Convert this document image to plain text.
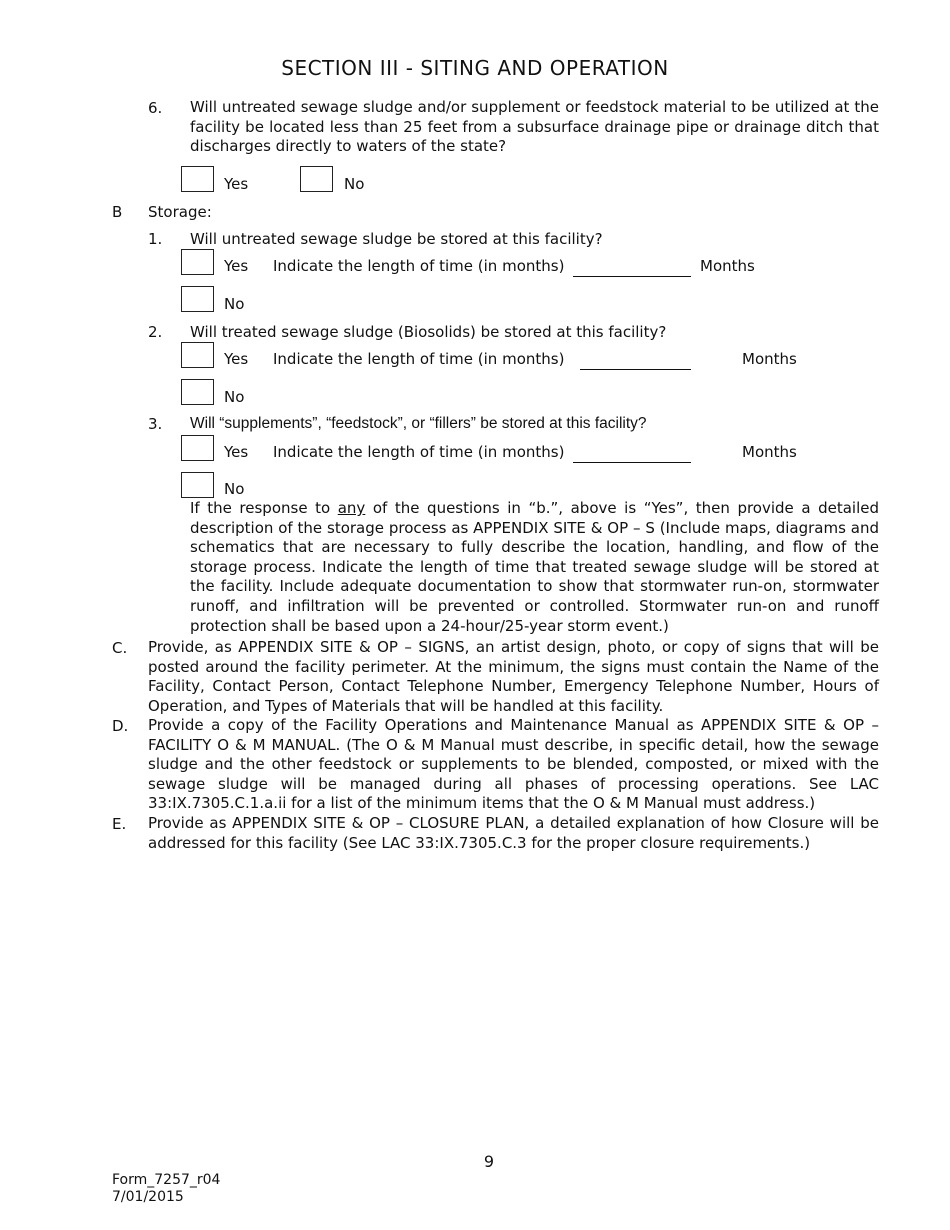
SECTION III - SITING AND OPERATION
6. Will untreated sewage sludge and/or supplement or feedstock material to be utilized at the facility be located less than 25 feet from a subsurface drainage pipe or drainage ditch that discharges directly to waters of the state?
Yes	No
B Storage:
1. Will untreated sewage sludge be stored at this facility?
Yes Indicate the length of time (in months)	Months
No
2. Will treated sewage sludge (Biosolids) be stored at this facility?
Yes Indicate the length of time (in months)	Months
No
3. Will “supplements”, “feedstock”, or “fillers” be stored at this facility?
Yes Indicate the length of time (in months)	Months
No
If the response to any of the questions in “b.”, above is “Yes”, then provide a detailed description of the storage process as APPENDIX SITE & OP – S (Include maps, diagrams and schematics that are necessary to fully describe the location, handling, and flow of the storage process. Indicate the length of time that treated sewage sludge will be stored at the facility. Include adequate documentation to show that stormwater run-on, stormwater runoff, and infiltration will be prevented or controlled. Stormwater run-on and runoff protection shall be based upon a 24-hour/25-year storm event.)
C. Provide, as APPENDIX SITE & OP – SIGNS, an artist design, photo, or copy of signs that will be posted around the facility perimeter. At the minimum, the signs must contain the Name of the Facility, Contact Person, Contact Telephone Number, Emergency Telephone Number, Hours of Operation, and Types of Materials that will be handled at this facility.
D. Provide a copy of the Facility Operations and Maintenance Manual as APPENDIX SITE & OP – FACILITY O & M MANUAL. (The O & M Manual must describe, in specific detail, how the sewage sludge and the other feedstock or supplements to be blended, composted, or mixed with the sewage sludge will be managed during all phases of processing operations. See LAC 33:IX.7305.C.1.a.ii for a list of the minimum items that the O & M Manual must address.)
E. Provide as APPENDIX SITE & OP – CLOSURE PLAN, a detailed explanation of how Closure will be addressed for this facility (See LAC 33:IX.7305.C.3 for the proper closure requirements.)
9
Form_7257_r04
7/01/2015
